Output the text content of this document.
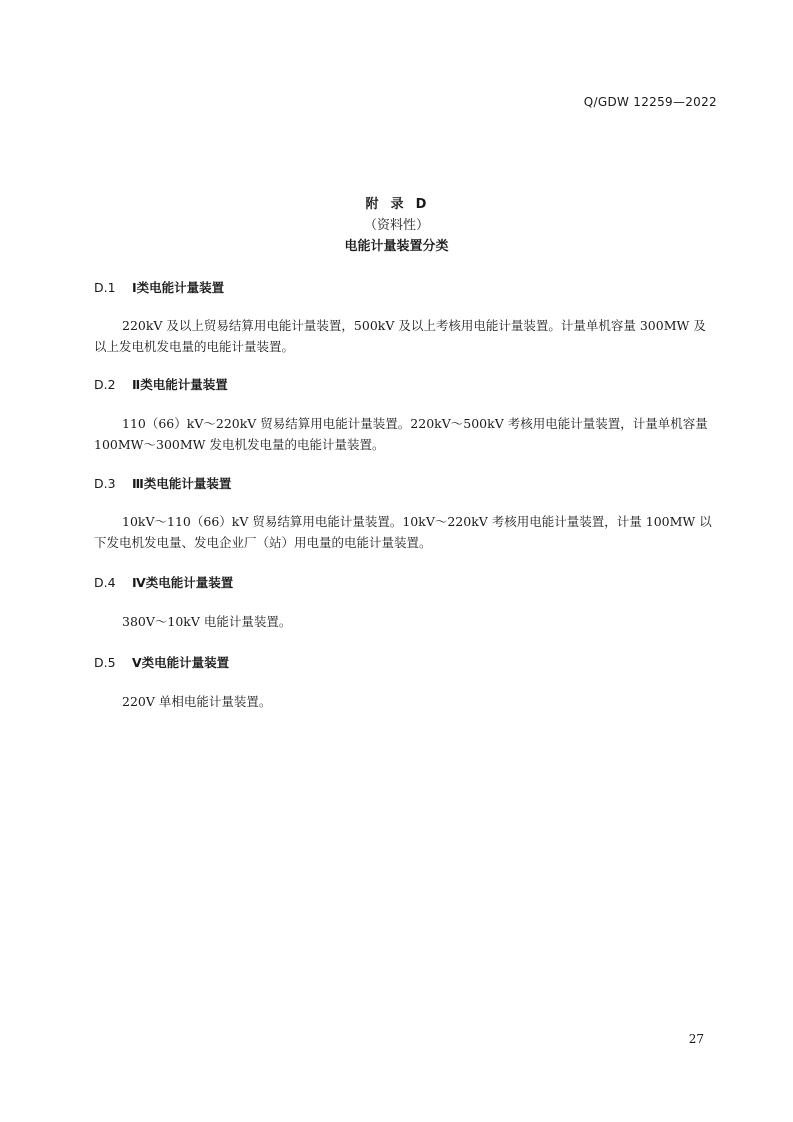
Q/GDW 12259—2022
附  录  D
（资料性）
电能计量装置分类
D.1 Ⅰ类电能计量装置

220kV 及以上贸易结算用电能计量装置，500kV 及以上考核用电能计量装置。计量单机容量 300MW 及以上发电机发电量的电能计量装置。

D.2 Ⅱ类电能计量装置

110（66）kV～220kV 贸易结算用电能计量装置。220kV～500kV 考核用电能计量装置，计量单机容量 100MW～300MW 发电机发电量的电能计量装置。

D.3 Ⅲ类电能计量装置

10kV～110（66）kV 贸易结算用电能计量装置。10kV～220kV 考核用电能计量装置，计量 100MW 以下发电机发电量、发电企业厂（站）用电量的电能计量装置。

D.4 Ⅳ类电能计量装置

380V～10kV 电能计量装置。

D.5 Ⅴ类电能计量装置

220V 单相电能计量装置。

27
